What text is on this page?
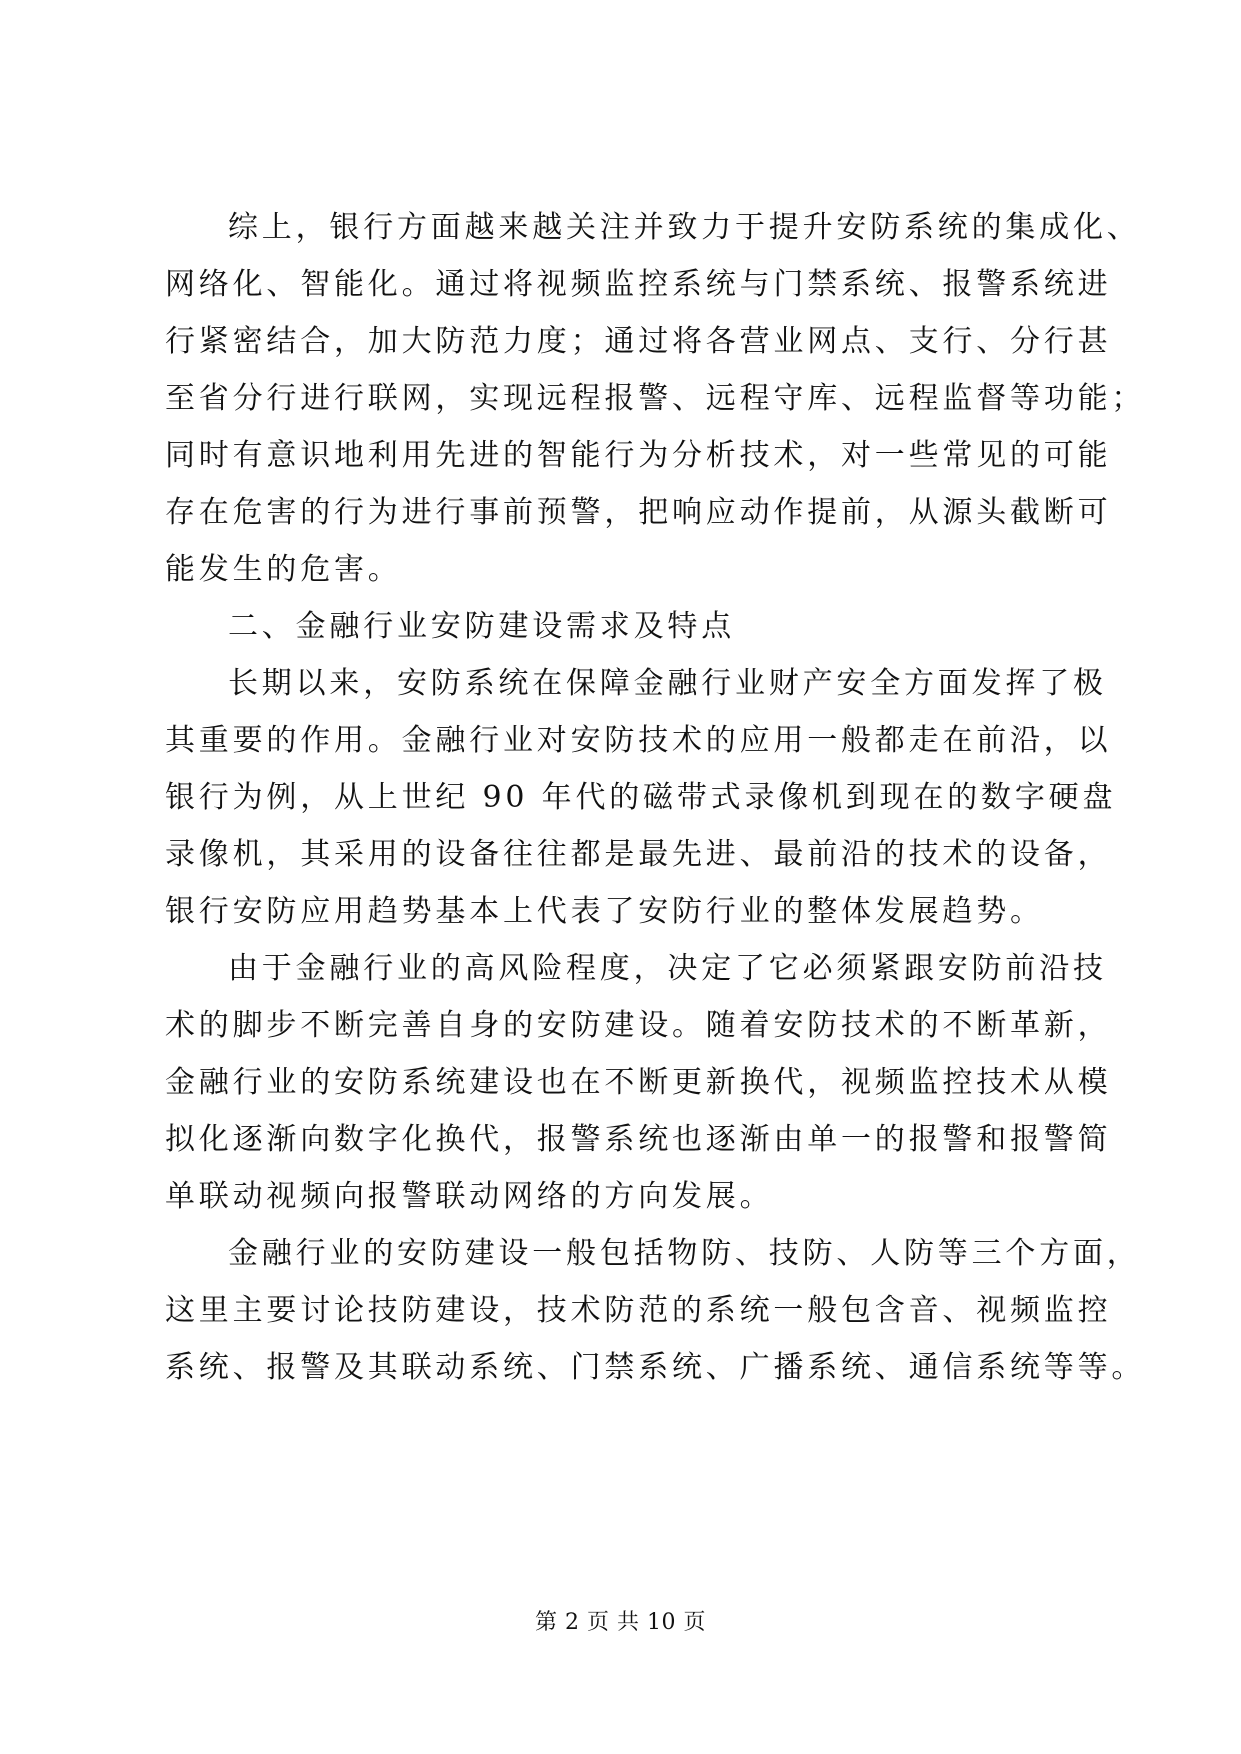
综上，银行方面越来越关注并致力于提升安防系统的集成化、
网络化、智能化。通过将视频监控系统与门禁系统、报警系统进
行紧密结合，加大防范力度；通过将各营业网点、支行、分行甚
至省分行进行联网，实现远程报警、远程守库、远程监督等功能；
同时有意识地利用先进的智能行为分析技术，对一些常见的可能
存在危害的行为进行事前预警，把响应动作提前，从源头截断可
能发生的危害。
二、金融行业安防建设需求及特点
长期以来，安防系统在保障金融行业财产安全方面发挥了极
其重要的作用。金融行业对安防技术的应用一般都走在前沿，以
银行为例，从上世纪 90 年代的磁带式录像机到现在的数字硬盘
录像机，其采用的设备往往都是最先进、最前沿的技术的设备，
银行安防应用趋势基本上代表了安防行业的整体发展趋势。
由于金融行业的高风险程度，决定了它必须紧跟安防前沿技
术的脚步不断完善自身的安防建设。随着安防技术的不断革新，
金融行业的安防系统建设也在不断更新换代，视频监控技术从模
拟化逐渐向数字化换代，报警系统也逐渐由单一的报警和报警简
单联动视频向报警联动网络的方向发展。
金融行业的安防建设一般包括物防、技防、人防等三个方面，
这里主要讨论技防建设，技术防范的系统一般包含音、视频监控
系统、报警及其联动系统、门禁系统、广播系统、通信系统等等。
第 2 页 共 10 页
